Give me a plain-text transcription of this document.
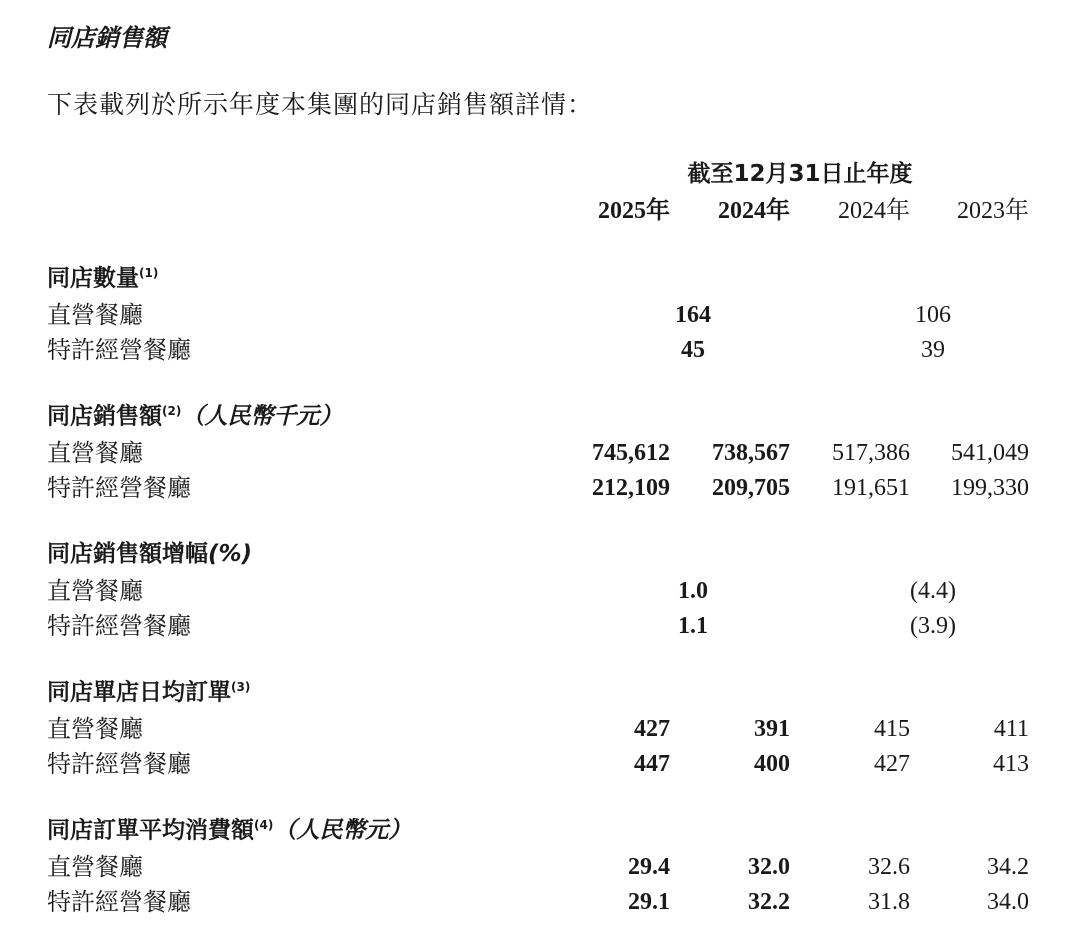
同店銷售額
下表載列於所示年度本集團的同店銷售額詳情：
截至12月31日止年度
2025年 2024年 2024年 2023年
同店數量$^{(1)}$
直營餐廳	164	106
特許經營餐廳	45	39
同店銷售額$^{(2)}$（人民幣千元）
直營餐廳	745,612 738,567 517,386 541,049
特許經營餐廳	212,109 209,705 191,651 199,330
同店銷售額增幅(%)
直營餐廳	1.0	(4.4)
特許經營餐廳	1.1	(3.9)
同店單店日均訂單$^{(3)}$
直營餐廳	427	391	415	411
特許經營餐廳	447	400	427	413
同店訂單平均消費額$^{(4)}$（人民幣元）
直營餐廳	29.4	32.0	32.6	34.2
特許經營餐廳	29.1	32.2	31.8	34.0
